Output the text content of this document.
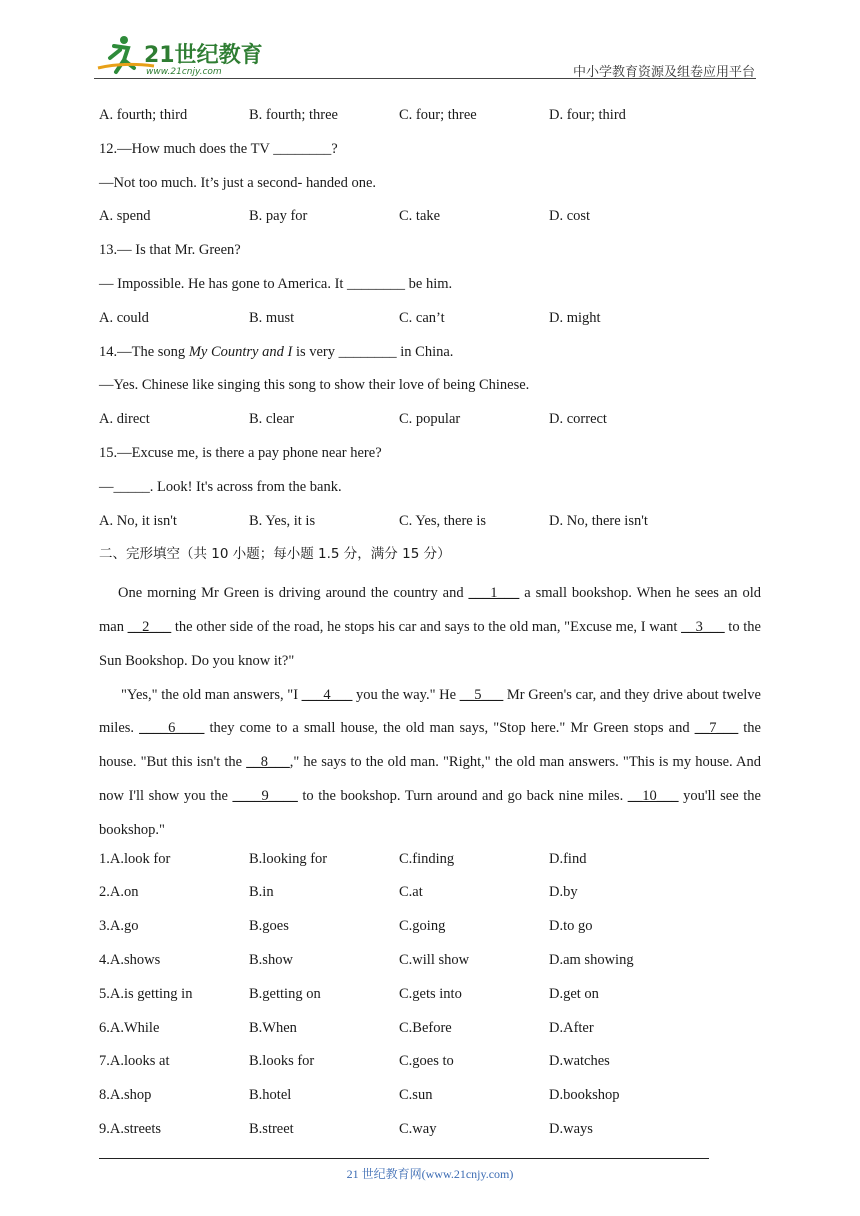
21世纪教育
www.21cnjy.com	中小学教育资源及组卷应用平台
A. fourth; third	B. fourth; three	C. four; three	D. four; third
12.—How much does the TV ________?
—Not too much. It’s just a second- handed one.
A. spend	B. pay for	C. take	D. cost
13.— Is that Mr. Green?
— Impossible. He has gone to America. It ________ be him.
A. could	B. must	C. can’t	D. might
14.—The song My Country and I is very ________ in China.
—Yes. Chinese like singing this song to show their love of being Chinese.
A. direct	B. clear	C. popular	D. correct
15.—Excuse me, is there a pay phone near here?
—_____. Look! It's across from the bank.
A. No, it isn't	B. Yes, it is	C. Yes, there is	D. No, there isn't
二、完形填空（共 10 小题；每小题 1.5 分，满分 15 分）
One morning Mr Green is driving around the country and ___1___ a small bookshop. When he sees an old man __2___ the other side of the road, he stops his car and says to the old man, "Excuse me, I want __3___ to the Sun Bookshop. Do you know it?"
"Yes," the old man answers, "I ___4___ you the way." He __5___ Mr Green's car, and they drive about twelve miles. ____6____ they come to a small house, the old man says, "Stop here." Mr Green stops and __7___ the house. "But this isn't the __8___," he says to the old man. "Right," the old man answers. "This is my house. And now I'll show you the ____9____ to the bookshop. Turn around and go back nine miles. __10___ you'll see the bookshop."
1.A.look for	B.looking for	C.finding	D.find
2.A.on	B.in	C.at	D.by
3.A.go	B.goes	C.going	D.to go
4.A.shows	B.show	C.will show	D.am showing
5.A.is getting in	B.getting on	C.gets into	D.get on
6.A.While	B.When	C.Before	D.After
7.A.looks at	B.looks for	C.goes to	D.watches
8.A.shop	B.hotel	C.sun	D.bookshop
9.A.streets	B.street	C.way	D.ways
21 世纪教育网(www.21cnjy.com)
